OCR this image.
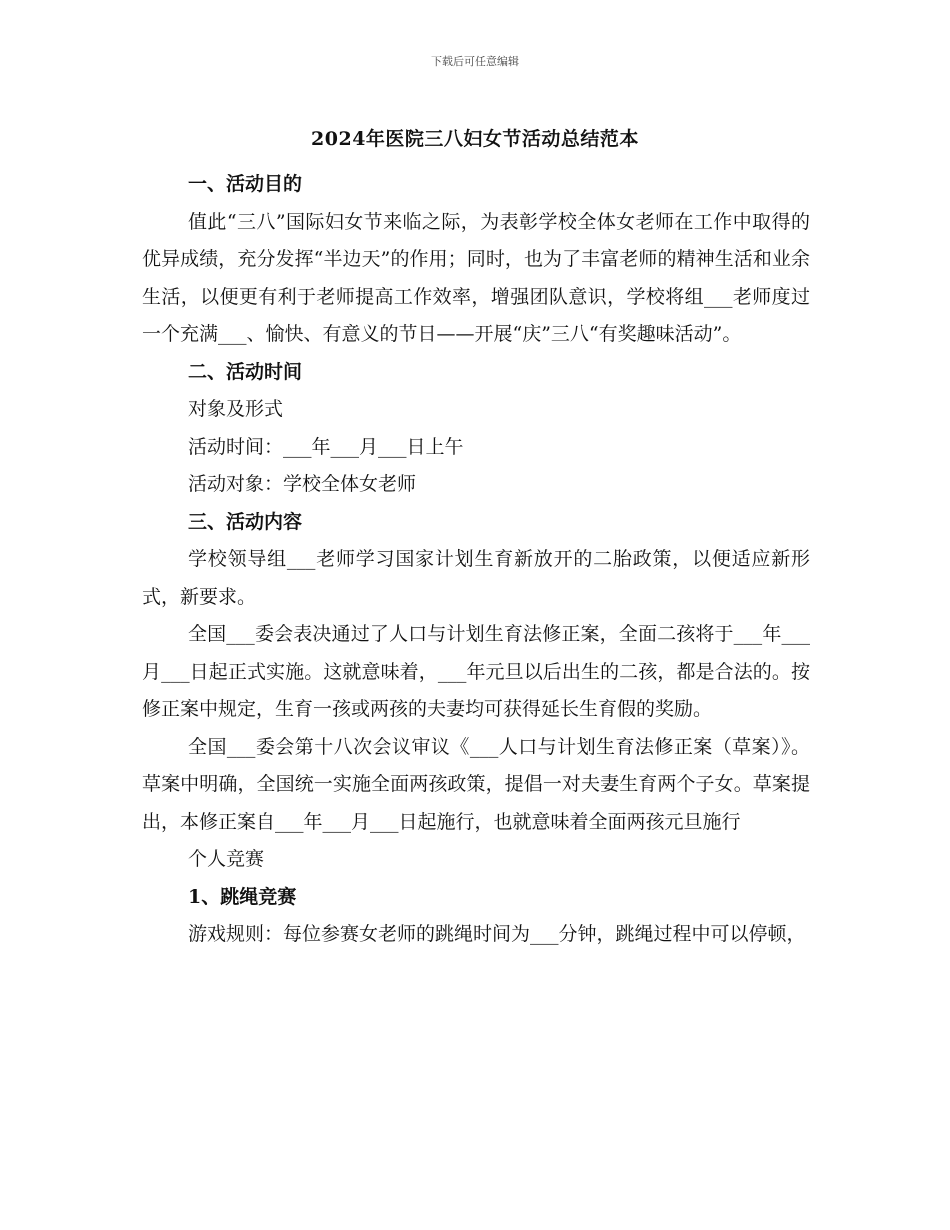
下载后可任意编辑
2024年医院三八妇女节活动总结范本
一、活动目的

值此“三八”国际妇女节来临之际，为表彰学校全体女老师在工作中取得的优异成绩，充分发挥“半边天”的作用；同时，也为了丰富老师的精神生活和业余生活，以便更有利于老师提高工作效率，增强团队意识，学校将组___老师度过一个充满___、愉快、有意义的节日——开展“庆”三八“有奖趣味活动”。

二、活动时间

对象及形式

活动时间：___年___月___日上午

活动对象：学校全体女老师

三、活动内容

学校领导组___老师学习国家计划生育新放开的二胎政策，以便适应新形式，新要求。

全国___委会表决通过了人口与计划生育法修正案，全面二孩将于___年___月___日起正式实施。这就意味着，___年元旦以后出生的二孩，都是合法的。按修正案中规定，生育一孩或两孩的夫妻均可获得延长生育假的奖励。

全国___委会第十八次会议审议《___人口与计划生育法修正案（草案）》。草案中明确，全国统一实施全面两孩政策，提倡一对夫妻生育两个子女。草案提出，本修正案自___年___月___日起施行，也就意味着全面两孩元旦施行

个人竞赛

1、跳绳竞赛

游戏规则：每位参赛女老师的跳绳时间为___分钟，跳绳过程中可以停顿，
